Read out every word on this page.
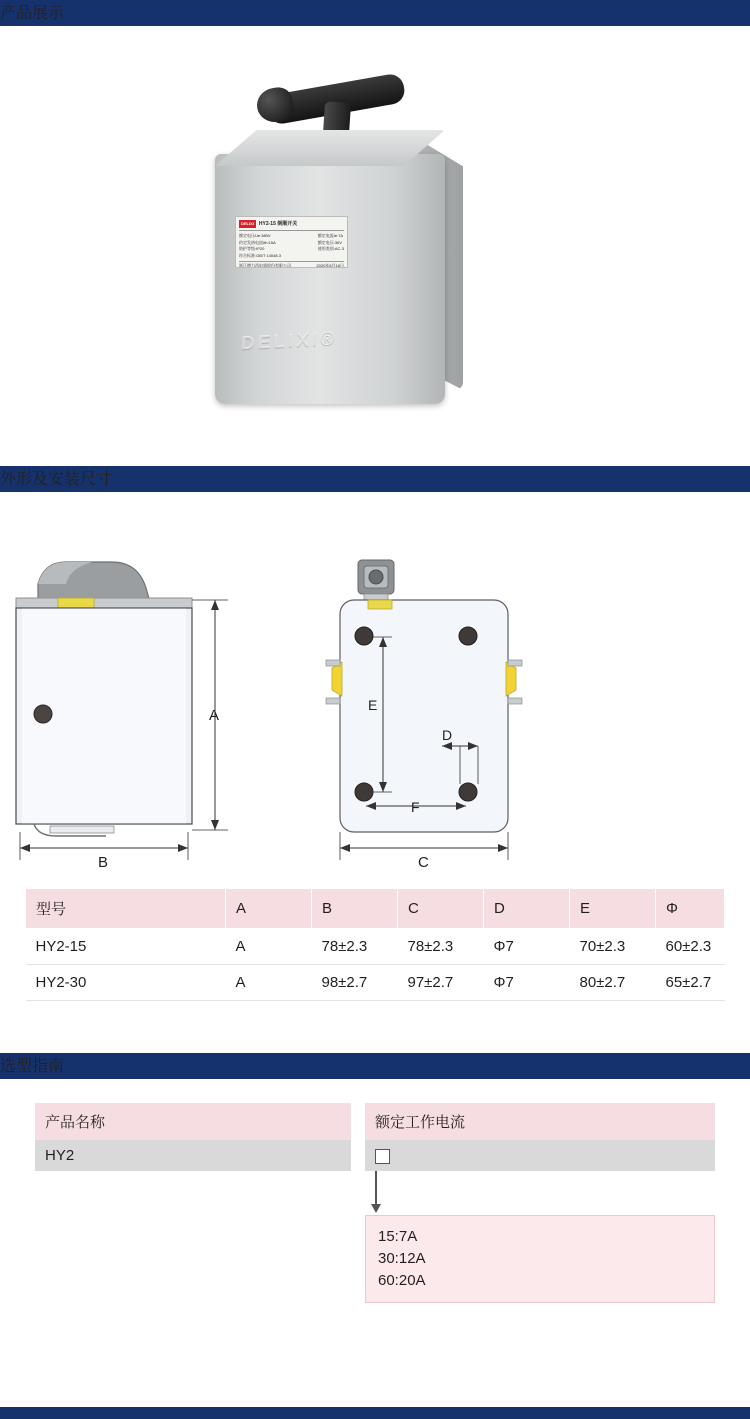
产品展示
DELIXI	HY2-15 倒顺开关
额定电压Ue:380V
约定发热电流Ith:15A
防护等级:IP20
符合标准:GB/T 14048.3
额定电流Ie:7A
额定电压:36V
使用类别:AC-3
浙江德力西电器股份有限公司	2020年6月16日
DELIXI®
外形及安装尺寸
A
B
E
F
D
C
型号	A	B	C	D	E	Φ
HY2-15	A	78±2.3	78±2.3	Φ7	70±2.3	60±2.3
HY2-30	A	98±2.7	97±2.7	Φ7	80±2.7	65±2.7
选型指南
产品名称
HY2
额定工作电流
15:7A
30:12A
60:20A
